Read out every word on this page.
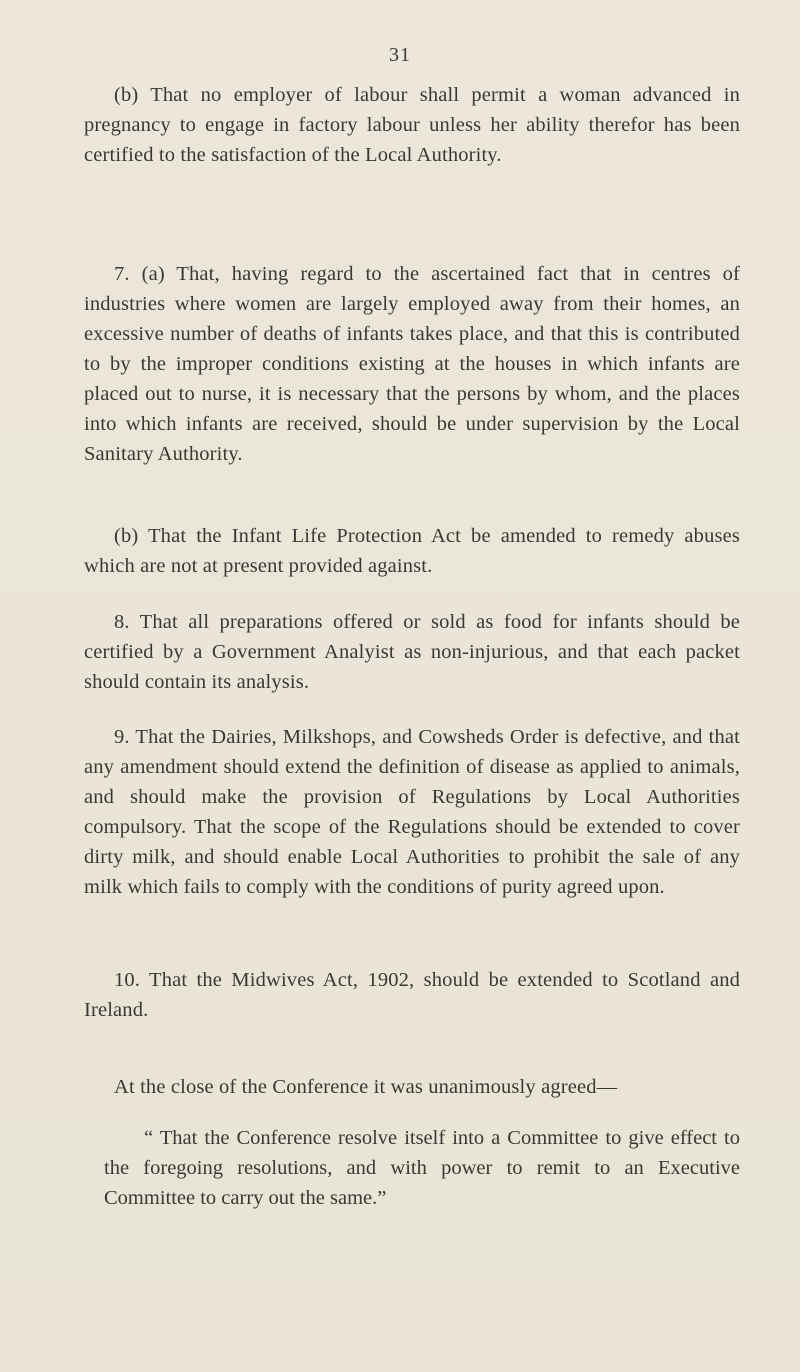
31

(b) That no employer of labour shall permit a woman advanced in pregnancy to engage in factory labour unless her ability therefor has been certified to the satisfaction of the Local Authority.

7. (a) That, having regard to the ascertained fact that in centres of industries where women are largely employed away from their homes, an excessive number of deaths of infants takes place, and that this is contributed to by the improper conditions existing at the houses in which infants are placed out to nurse, it is necessary that the persons by whom, and the places into which infants are received, should be under supervision by the Local Sanitary Authority.

(b) That the Infant Life Protection Act be amended to remedy abuses which are not at present provided against.

8. That all preparations offered or sold as food for infants should be certified by a Government Analyist as non-injurious, and that each packet should contain its analysis.

9. That the Dairies, Milkshops, and Cowsheds Order is defective, and that any amendment should extend the definition of disease as applied to animals, and should make the provision of Regulations by Local Authorities compulsory. That the scope of the Regulations should be extended to cover dirty milk, and should enable Local Authorities to prohibit the sale of any milk which fails to comply with the conditions of purity agreed upon.

10. That the Midwives Act, 1902, should be extended to Scotland and Ireland.

At the close of the Conference it was unanimously agreed—

“ That the Conference resolve itself into a Committee to give effect to the foregoing resolutions, and with power to remit to an Executive Committee to carry out the same.”
